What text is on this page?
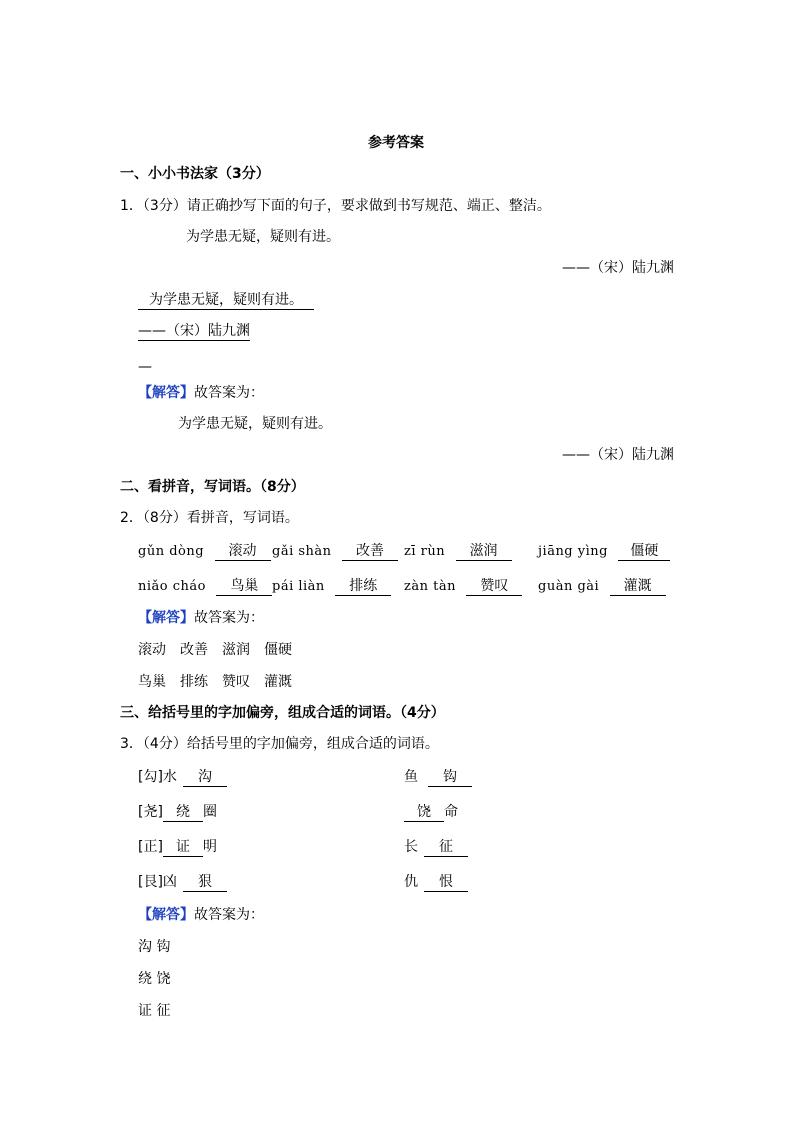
参考答案
一、小小书法家（3分）
1．（3分）请正确抄写下面的句子，要求做到书写规范、端正、整洁。
为学患无疑，疑则有进。
——（宋）陆九渊
为学患无疑，疑则有进。
——（宋）陆九渊
—
【解答】故答案为：
为学患无疑，疑则有进。
——（宋）陆九渊
二、看拼音，写词语。（8分）
2．（8分）看拼音，写词语。
gǔn dòng 滚动	gǎi shàn 改善	zī rùn 滋润	jiāng yìng 僵硬
niǎo cháo 鸟巢	pái liàn 排练	zàn tàn 赞叹	guàn gài 灌溉
【解答】故答案为：
滚动　改善　滋润　僵硬
鸟巢　排练　赞叹　灌溉
三、给括号里的字加偏旁，组成合适的词语。（4分）
3．（4分）给括号里的字加偏旁，组成合适的词语。
[勾]水 沟	鱼 钩
[尧] 绕 圈	饶 命
[正] 证 明	长 征
[艮]凶 狠	仇 恨
【解答】故答案为：
沟 钩
绕 饶
证 征
